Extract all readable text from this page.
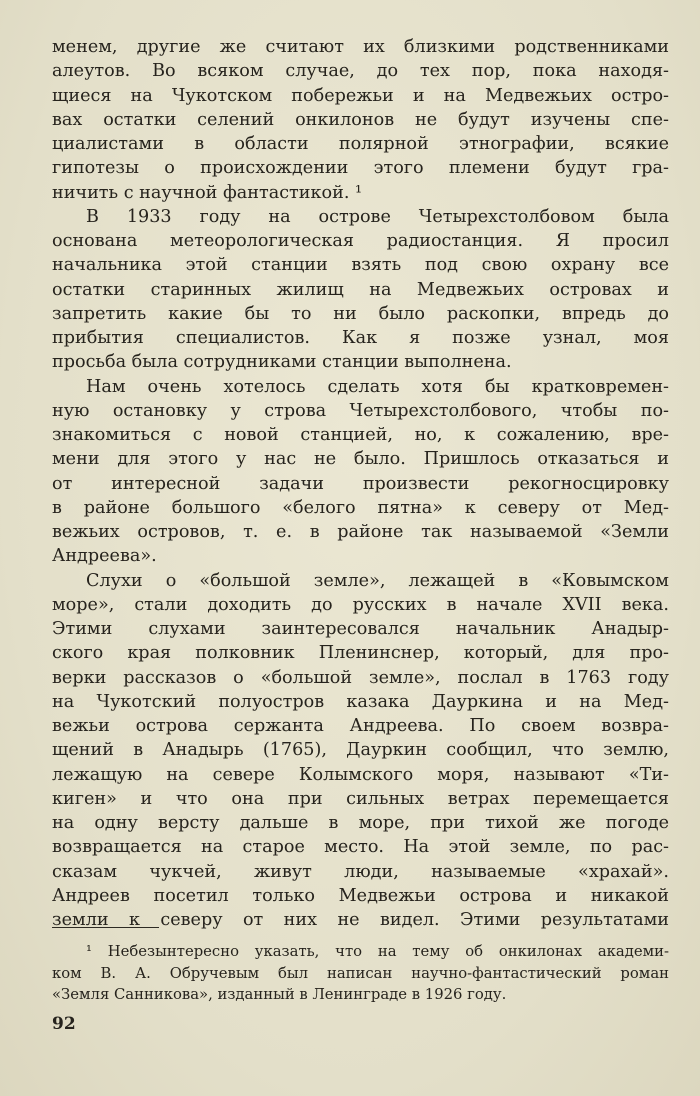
менем, другие же считают их близкими родственниками
алеутов. Во всяком случае, до тех пор, пока находя-
щиеся на Чукотском побережьи и на Медвежьих остро-
вах остатки селений онкилонов не будут изучены спе-
циалистами в области полярной этнографии, всякие
гипотезы о происхождении этого племени будут гра-
ничить с научной фантастикой. ¹
В 1933 году на острове Четырехстолбовом была
основана метеорологическая радиостанция. Я просил
начальника этой станции взять под свою охрану все
остатки старинных жилищ на Медвежьих островах и
запретить какие бы то ни было раскопки, впредь до
прибытия специалистов. Как я позже узнал, моя
просьба была сотрудниками станции выполнена.
Нам очень хотелось сделать хотя бы кратковремен-
ную остановку у строва Четырехстолбового, чтобы по-
знакомиться с новой станцией, но, к сожалению, вре-
мени для этого у нас не было. Пришлось отказаться и
от интересной задачи произвести рекогносцировку
в районе большого «белого пятна» к северу от Мед-
вежьих островов, т. е. в районе так называемой «Земли
Андреева».
Слухи о «большой земле», лежащей в «Ковымском
море», стали доходить до русских в начале XVII века.
Этими слухами заинтересовался начальник Анадыр-
ского края полковник Пленинснер, который, для про-
верки рассказов о «большой земле», послал в 1763 году
на Чукотский полуостров казака Дауркина и на Мед-
вежьи острова сержанта Андреева. По своем возвра-
щений в Анадырь (1765), Дауркин сообщил, что землю,
лежащую на севере Колымского моря, называют «Ти-
киген» и что она при сильных ветрах перемещается
на одну версту дальше в море, при тихой же погоде
возвращается на старое место. На этой земле, по рас-
сказам чукчей, живут люди, называемые «храхай».
Андреев посетил только Медвежьи острова и никакой
земли к северу от них не видел. Этими результатами
¹ Небезынтересно указать, что на тему об онкилонах академи-
ком В. А. Обручевым был написан научно-фантастический роман
«Земля Санникова», изданный в Ленинграде в 1926 году.
92
